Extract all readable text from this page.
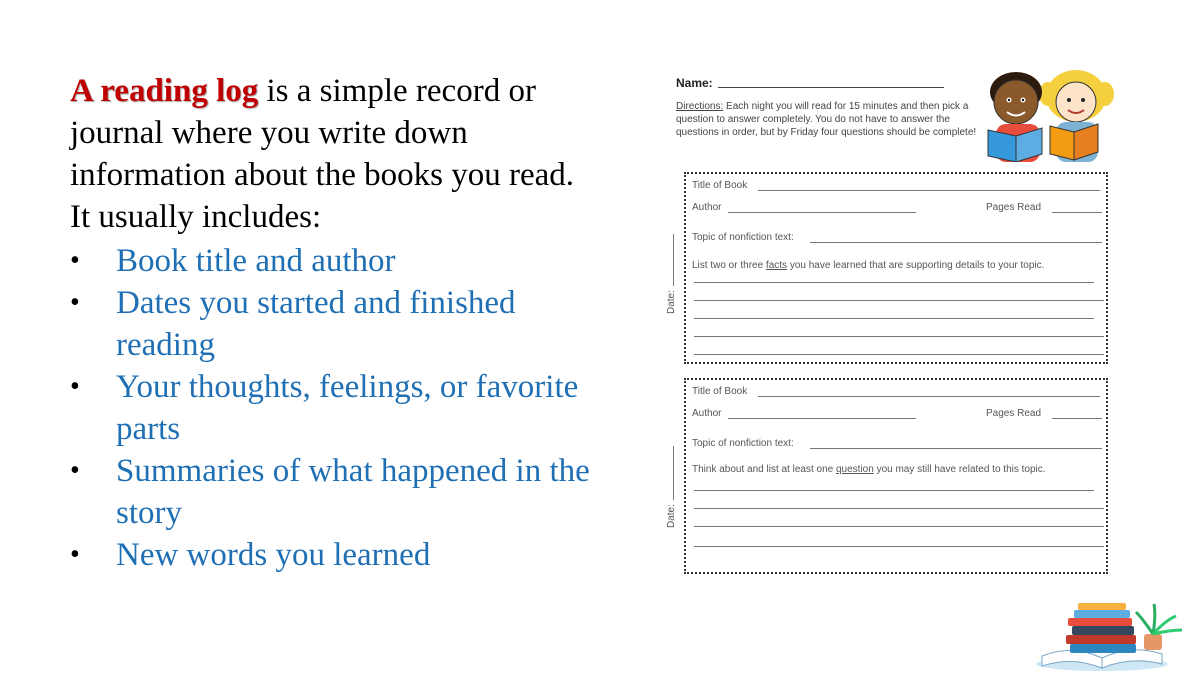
A reading log is a simple record or journal where you write down information about the books you read. It usually includes:
• Book title and author
• Dates you started and finished reading
• Your thoughts, feelings, or favorite parts
• Summaries of what happened in the story
• New words you learned
Name:
Directions: Each night you will read for 15 minutes and then pick a question to answer completely. You do not have to answer the questions in order, but by Friday four questions should be complete!
Title of Book
Author	Pages Read
Topic of nonfiction text:
List two or three facts you have learned that are supporting details to your topic.
Date:
Title of Book
Author	Pages Read
Topic of nonfiction text:
Think about and list at least one question you may still have related to this topic.
Date:
